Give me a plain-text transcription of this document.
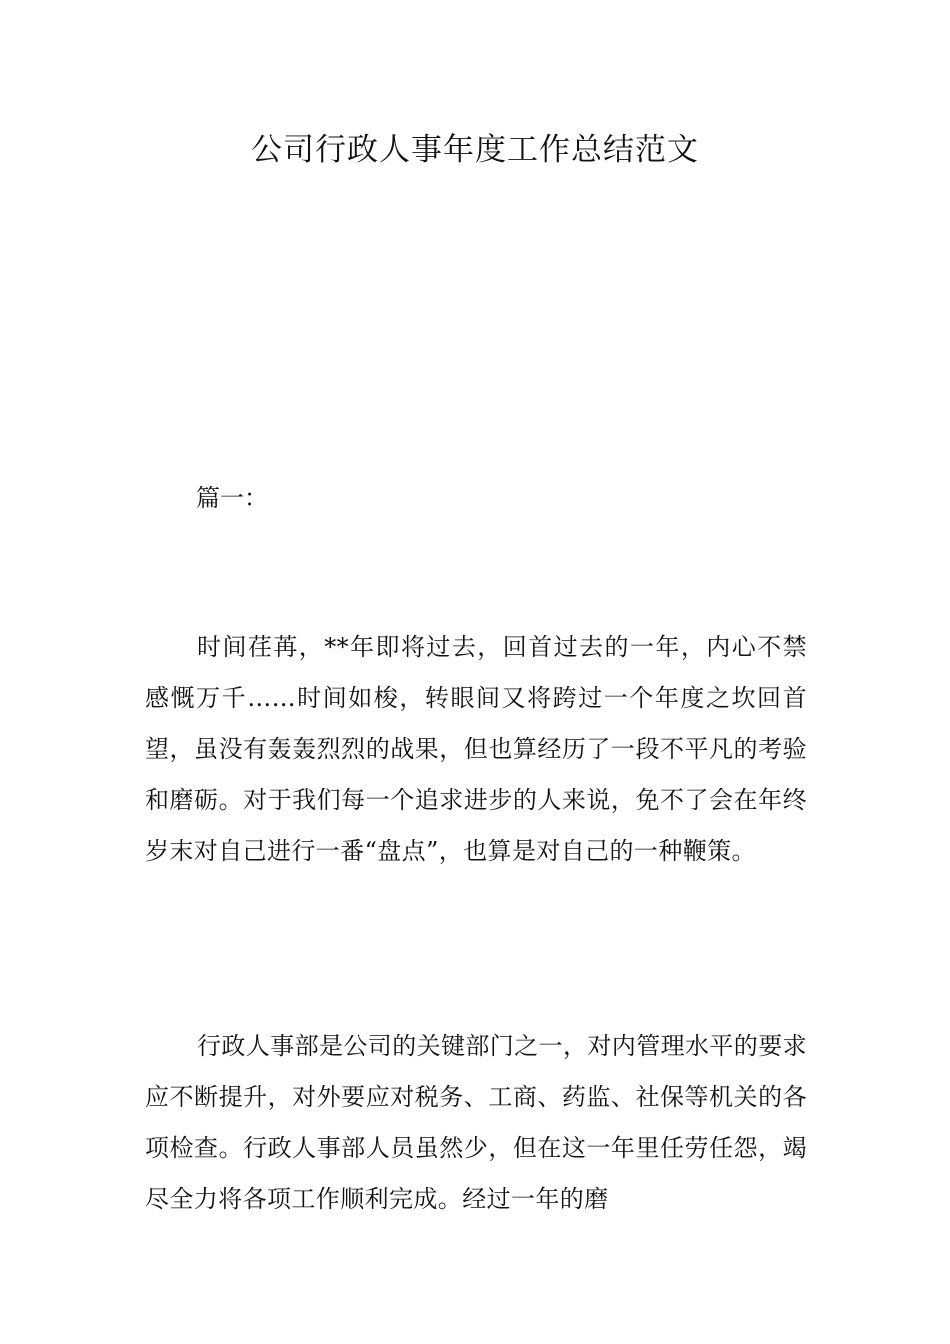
公司行政人事年度工作总结范文

篇一：

时间荏苒，**年即将过去，回首过去的一年，内心不禁感慨万千……时间如梭，转眼间又将跨过一个年度之坎回首望，虽没有轰轰烈烈的战果，但也算经历了一段不平凡的考验和磨砺。对于我们每一个追求进步的人来说，免不了会在年终岁末对自己进行一番“盘点”，也算是对自己的一种鞭策。

行政人事部是公司的关键部门之一，对内管理水平的要求应不断提升，对外要应对税务、工商、药监、社保等机关的各项检查。行政人事部人员虽然少，但在这一年里任劳任怨，竭尽全力将各项工作顺利完成。经过一年的磨
